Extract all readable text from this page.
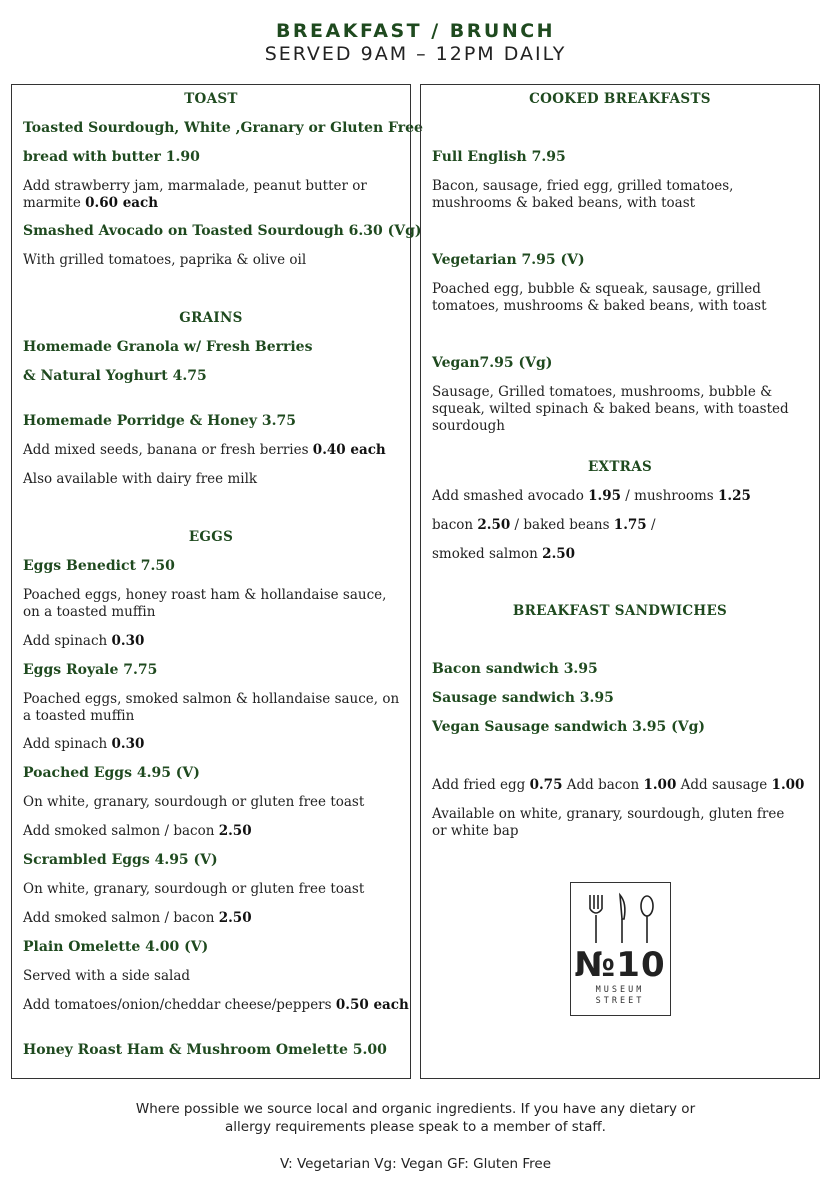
BREAKFAST / BRUNCH
SERVED 9AM – 12PM DAILY
TOAST
Toasted Sourdough, White ,Granary or Gluten Free
bread with butter 1.90
Add strawberry jam, marmalade, peanut butter or
marmite 0.60 each
Smashed Avocado on Toasted Sourdough 6.30 (Vg)
With grilled tomatoes, paprika & olive oil
GRAINS
Homemade Granola w/ Fresh Berries
& Natural Yoghurt 4.75
Homemade Porridge & Honey 3.75
Add mixed seeds, banana or fresh berries 0.40 each
Also available with dairy free milk
EGGS
Eggs Benedict 7.50
Poached eggs, honey roast ham & hollandaise sauce, on a toasted muffin
Add spinach 0.30
Eggs Royale 7.75
Poached eggs, smoked salmon & hollandaise sauce, on a toasted muffin
Add spinach 0.30
Poached Eggs 4.95 (V)
On white, granary, sourdough or gluten free toast
Add smoked salmon / bacon 2.50
Scrambled Eggs 4.95 (V)
On white, granary, sourdough or gluten free toast
Add smoked salmon / bacon 2.50
Plain Omelette 4.00 (V)
Served with a side salad
Add tomatoes/onion/cheddar cheese/peppers 0.50 each
Honey Roast Ham & Mushroom Omelette 5.00
COOKED BREAKFASTS
Full English 7.95
Bacon, sausage, fried egg, grilled tomatoes, mushrooms & baked beans, with toast
Vegetarian 7.95 (V)
Poached egg, bubble & squeak, sausage, grilled tomatoes, mushrooms & baked beans, with toast
Vegan7.95 (Vg)
Sausage, Grilled tomatoes, mushrooms, bubble & squeak, wilted spinach & baked beans, with toasted sourdough
EXTRAS
Add smashed avocado 1.95 / mushrooms 1.25
bacon 2.50 / baked beans 1.75 /
smoked salmon 2.50
BREAKFAST SANDWICHES
Bacon sandwich 3.95
Sausage sandwich 3.95
Vegan Sausage sandwich 3.95 (Vg)
Add fried egg 0.75 Add bacon 1.00 Add sausage 1.00
Available on white, granary, sourdough, gluten free or white bap
№10
MUSEUM
STREET
Where possible we source local and organic ingredients. If you have any dietary or
allergy requirements please speak to a member of staff.
V: Vegetarian Vg: Vegan GF: Gluten Free
